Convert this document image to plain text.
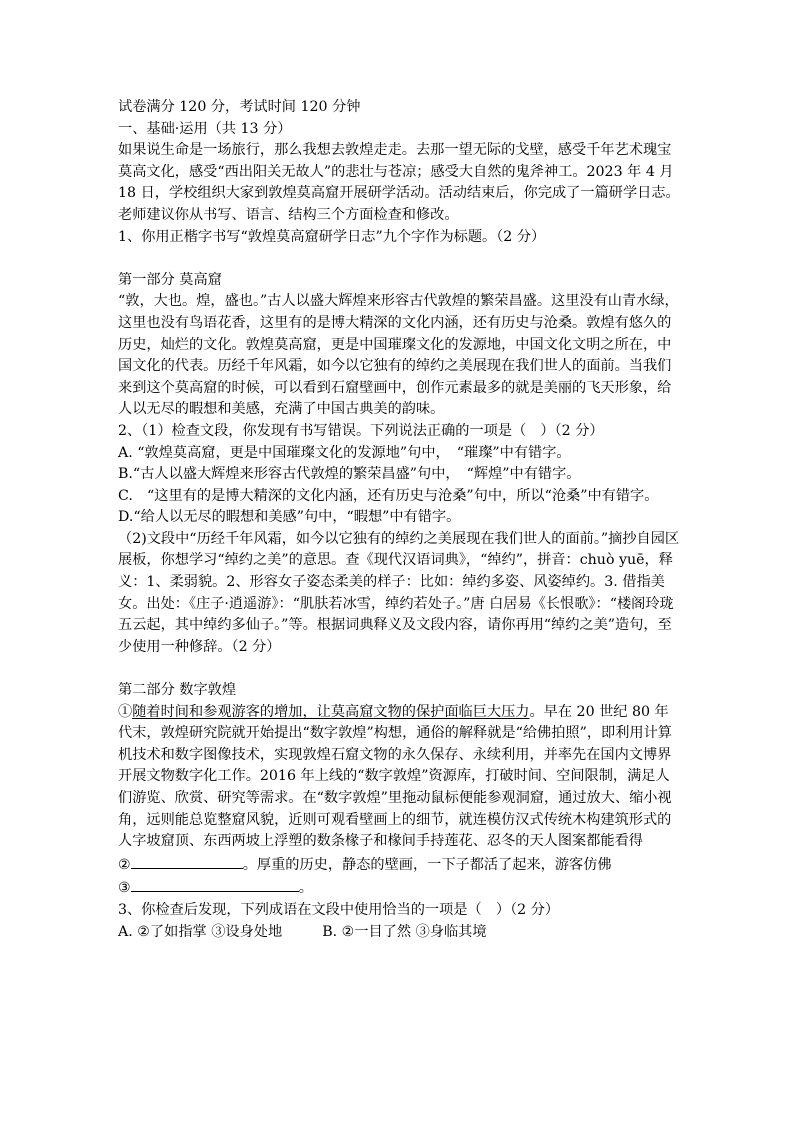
试卷满分 120 分，考试时间 120 分钟

一、基础·运用（共 13 分）

如果说生命是一场旅行，那么我想去敦煌走走。去那一望无际的戈壁，感受千年艺术瑰宝莫高文化，感受“西出阳关无故人”的悲壮与苍凉；感受大自然的鬼斧神工。2023 年 4 月 18 日，学校组织大家到敦煌莫高窟开展研学活动。活动结束后，你完成了一篇研学日志。老师建议你从书写、语言、结构三个方面检查和修改。

1、你用正楷字书写“敦煌莫高窟研学日志”九个字作为标题。（2 分）

第一部分 莫高窟

“敦，大也。煌，盛也。”古人以盛大辉煌来形容古代敦煌的繁荣昌盛。这里没有山青水绿，这里也没有鸟语花香，这里有的是博大精深的文化内涵，还有历史与沧桑。敦煌有悠久的历史，灿烂的文化。敦煌莫高窟，更是中国璀璨文化的发源地，中国文化文明之所在，中国文化的代表。历经千年风霜，如今以它独有的绰约之美展现在我们世人的面前。当我们来到这个莫高窟的时候，可以看到石窟壁画中，创作元素最多的就是美丽的飞天形象，给人以无尽的暇想和美感，充满了中国古典美的韵味。

2、（1）检查文段，你发现有书写错误。下列说法正确的一项是（　）（2 分）

A. “敦煌莫高窟，更是中国璀璨文化的发源地”句中，　“璀璨”中有错字。

B.“古人以盛大辉煌来形容古代敦煌的繁荣昌盛”句中，　“辉煌”中有错字。

C.　“这里有的是博大精深的文化内涵，还有历史与沧桑”句中，所以“沧桑”中有错字。

D.“给人以无尽的暇想和美感”句中，“暇想”中有错字。

（2)文段中“历经千年风霜，如今以它独有的绰约之美展现在我们世人的面前。”摘抄自园区展板，你想学习“绰约之美”的意思。查《现代汉语词典》，“绰约”，拼音：chuò yuē，释义：1、柔弱貌。2、形容女子姿态柔美的样子：比如：绰约多姿、风姿绰约。3. 借指美女。出处：《庄子·逍遥游》：“肌肤若冰雪，绰约若处子。”唐 白居易《长恨歌》：“楼阁玲珑五云起，其中绰约多仙子。”等。根据词典释义及文段内容，请你再用“绰约之美”造句，至少使用一种修辞。（2 分）

第二部分 数字敦煌

①随着时间和参观游客的增加，让莫高窟文物的保护面临巨大压力。早在 20 世纪 80 年代末，敦煌研究院就开始提出“数字敦煌”构想，通俗的解释就是“给佛拍照”，即利用计算机技术和数字图像技术，实现敦煌石窟文物的永久保存、永续利用，并率先在国内文博界开展文物数字化工作。2016 年上线的“数字敦煌”资源库，打破时间、空间限制，满足人们游览、欣赏、研究等需求。在“数字敦煌”里拖动鼠标便能参观洞窟，通过放大、缩小视角，远则能总览整窟风貌，近则可观看壁画上的细节，就连模仿汉式传统木构建筑形式的人字坡窟顶、东西两坡上浮塑的数条椽子和椽间手持莲花、忍冬的天人图案都能看得

②	。厚重的历史，静态的壁画，一下子都活了起来，游客仿佛

③	。

3、你检查后发现，下列成语在文段中使用恰当的一项是（　）（2 分）

A. ②了如指掌 ③设身处地	B. ②一目了然 ③身临其境
